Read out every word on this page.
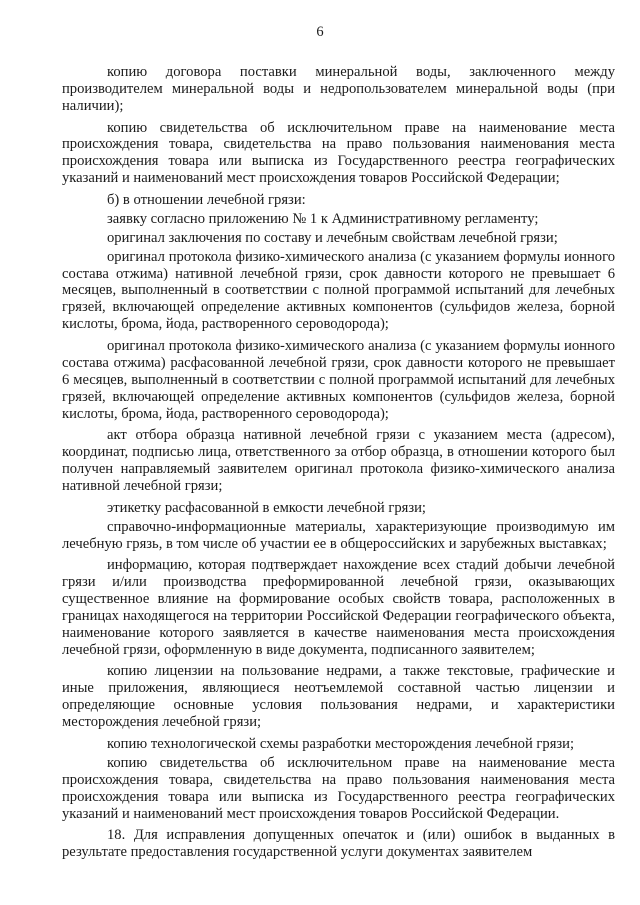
6

копию договора поставки минеральной воды, заключенного между производителем минеральной воды и недропользователем минеральной воды (при наличии);

копию свидетельства об исключительном праве на наименование места происхождения товара, свидетельства на право пользования наименования места происхождения товара или выписка из Государственного реестра географических указаний и наименований мест происхождения товаров Российской Федерации;

б) в отношении лечебной грязи:

заявку согласно приложению № 1 к Административному регламенту;

оригинал заключения по составу и лечебным свойствам лечебной грязи;

оригинал протокола физико-химического анализа (с указанием формулы ионного состава отжима) нативной лечебной грязи, срок давности которого не превышает 6 месяцев, выполненный в соответствии с полной программой испытаний для лечебных грязей, включающей определение активных компонентов (сульфидов железа, борной кислоты, брома, йода, растворенного сероводорода);

оригинал протокола физико-химического анализа (с указанием формулы ионного состава отжима) расфасованной лечебной грязи, срок давности которого не превышает 6 месяцев, выполненный в соответствии с полной программой испытаний для лечебных грязей, включающей определение активных компонентов (сульфидов железа, борной кислоты, брома, йода, растворенного сероводорода);

акт отбора образца нативной лечебной грязи с указанием места (адресом), координат, подписью лица, ответственного за отбор образца, в отношении которого был получен направляемый заявителем оригинал протокола физико-химического анализа нативной лечебной грязи;

этикетку расфасованной в емкости лечебной грязи;

справочно-информационные материалы, характеризующие производимую им лечебную грязь, в том числе об участии ее в общероссийских и зарубежных выставках;

информацию, которая подтверждает нахождение всех стадий добычи лечебной грязи и/или производства преформированной лечебной грязи, оказывающих существенное влияние на формирование особых свойств товара, расположенных в границах находящегося на территории Российской Федерации географического объекта, наименование которого заявляется в качестве наименования места происхождения лечебной грязи, оформленную в виде документа, подписанного заявителем;

копию лицензии на пользование недрами, а также текстовые, графические и иные приложения, являющиеся неотъемлемой составной частью лицензии и определяющие основные условия пользования недрами, и характеристики месторождения лечебной грязи;

копию технологической схемы разработки месторождения лечебной грязи;

копию свидетельства об исключительном праве на наименование места происхождения товара, свидетельства на право пользования наименования места происхождения товара или выписка из Государственного реестра географических указаний и наименований мест происхождения товаров Российской Федерации.

18. Для исправления допущенных опечаток и (или) ошибок в выданных в результате предоставления государственной услуги документах заявителем
